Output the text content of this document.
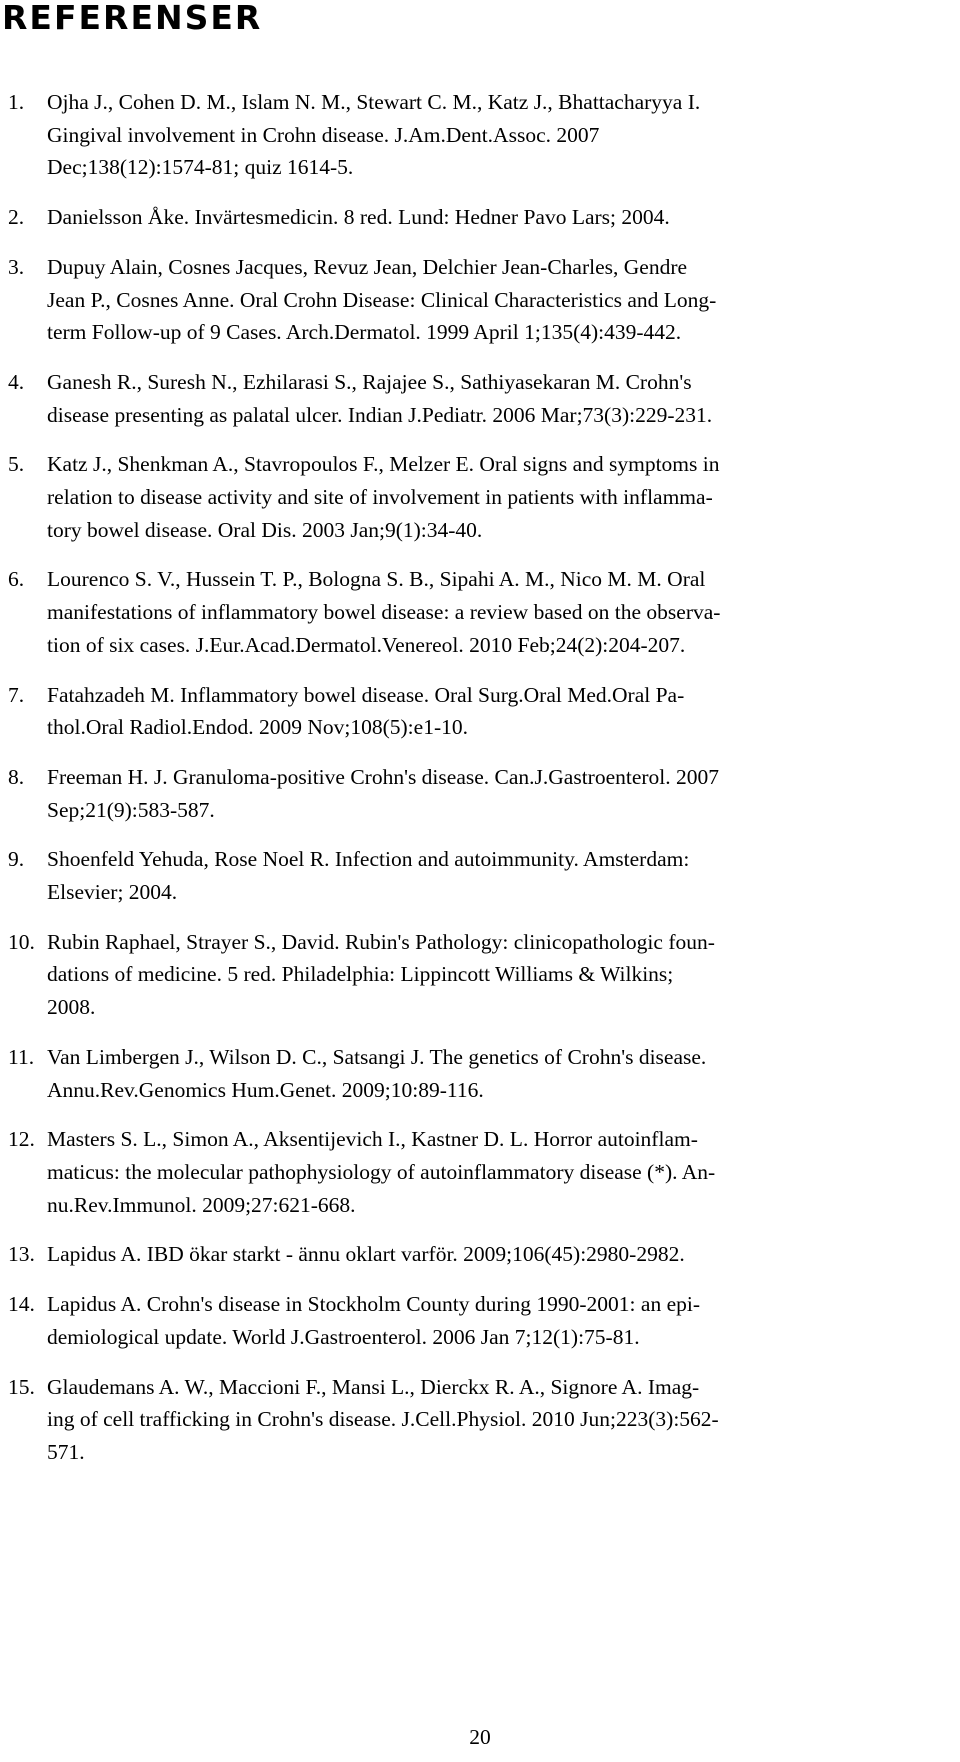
REFERENSER
1. Ojha J., Cohen D. M., Islam N. M., Stewart C. M., Katz J., Bhattacharyya I.
Gingival involvement in Crohn disease. J.Am.Dent.Assoc. 2007
Dec;138(12):1574-81; quiz 1614-5.
2. Danielsson Åke. Invärtesmedicin. 8 red. Lund: Hedner Pavo Lars; 2004.
3. Dupuy Alain, Cosnes Jacques, Revuz Jean, Delchier Jean-Charles, Gendre
Jean P., Cosnes Anne. Oral Crohn Disease: Clinical Characteristics and Long-
term Follow-up of 9 Cases. Arch.Dermatol. 1999 April 1;135(4):439-442.
4. Ganesh R., Suresh N., Ezhilarasi S., Rajajee S., Sathiyasekaran M. Crohn's
disease presenting as palatal ulcer. Indian J.Pediatr. 2006 Mar;73(3):229-231.
5. Katz J., Shenkman A., Stavropoulos F., Melzer E. Oral signs and symptoms in
relation to disease activity and site of involvement in patients with inflamma-
tory bowel disease. Oral Dis. 2003 Jan;9(1):34-40.
6. Lourenco S. V., Hussein T. P., Bologna S. B., Sipahi A. M., Nico M. M. Oral
manifestations of inflammatory bowel disease: a review based on the observa-
tion of six cases. J.Eur.Acad.Dermatol.Venereol. 2010 Feb;24(2):204-207.
7. Fatahzadeh M. Inflammatory bowel disease. Oral Surg.Oral Med.Oral Pa-
thol.Oral Radiol.Endod. 2009 Nov;108(5):e1-10.
8. Freeman H. J. Granuloma-positive Crohn's disease. Can.J.Gastroenterol. 2007
Sep;21(9):583-587.
9. Shoenfeld Yehuda, Rose Noel R. Infection and autoimmunity. Amsterdam:
Elsevier; 2004.
10. Rubin Raphael, Strayer S., David. Rubin's Pathology: clinicopathologic foun-
dations of medicine. 5 red. Philadelphia: Lippincott Williams & Wilkins;
2008.
11. Van Limbergen J., Wilson D. C., Satsangi J. The genetics of Crohn's disease.
Annu.Rev.Genomics Hum.Genet. 2009;10:89-116.
12. Masters S. L., Simon A., Aksentijevich I., Kastner D. L. Horror autoinflam-
maticus: the molecular pathophysiology of autoinflammatory disease (*). An-
nu.Rev.Immunol. 2009;27:621-668.
13. Lapidus A. IBD ökar starkt - ännu oklart varför. 2009;106(45):2980-2982.
14. Lapidus A. Crohn's disease in Stockholm County during 1990-2001: an epi-
demiological update. World J.Gastroenterol. 2006 Jan 7;12(1):75-81.
15. Glaudemans A. W., Maccioni F., Mansi L., Dierckx R. A., Signore A. Imag-
ing of cell trafficking in Crohn's disease. J.Cell.Physiol. 2010 Jun;223(3):562-
571.
20
